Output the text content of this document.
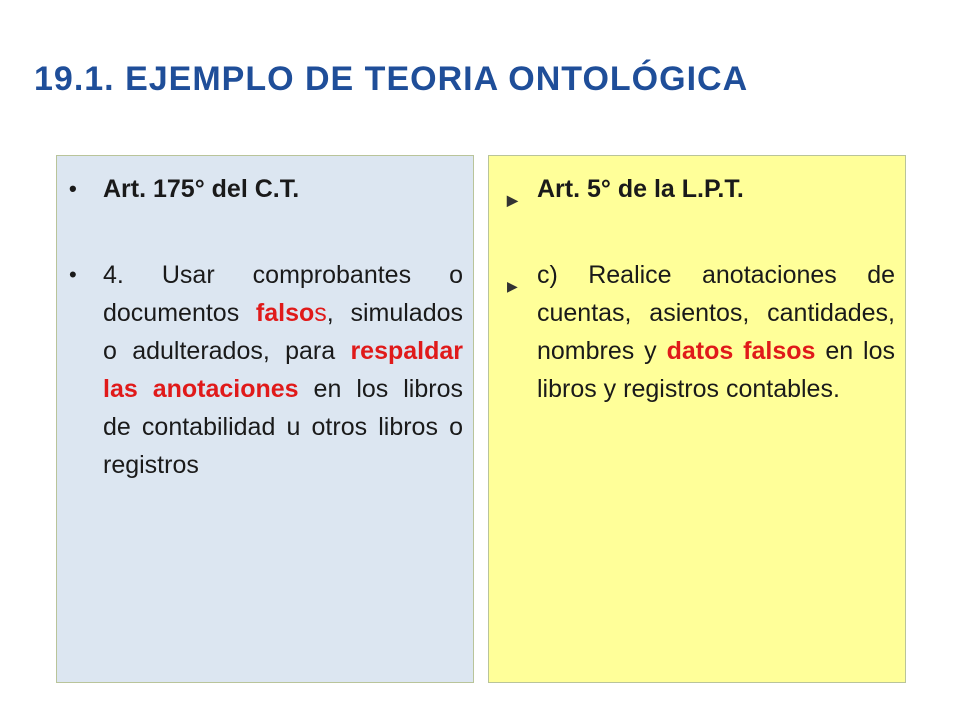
19.1. EJEMPLO DE TEORIA ONTOLÓGICA

• Art. 175° del C.T.

• 4. Usar comprobantes o documentos falsos, simulados o adulterados, para respaldar las anotaciones en los libros de contabilidad u otros libros o registros

▶ Art. 5° de la L.P.T.

▶ c) Realice anotaciones de cuentas, asientos, cantidades, nombres y datos falsos en los libros y registros contables.
